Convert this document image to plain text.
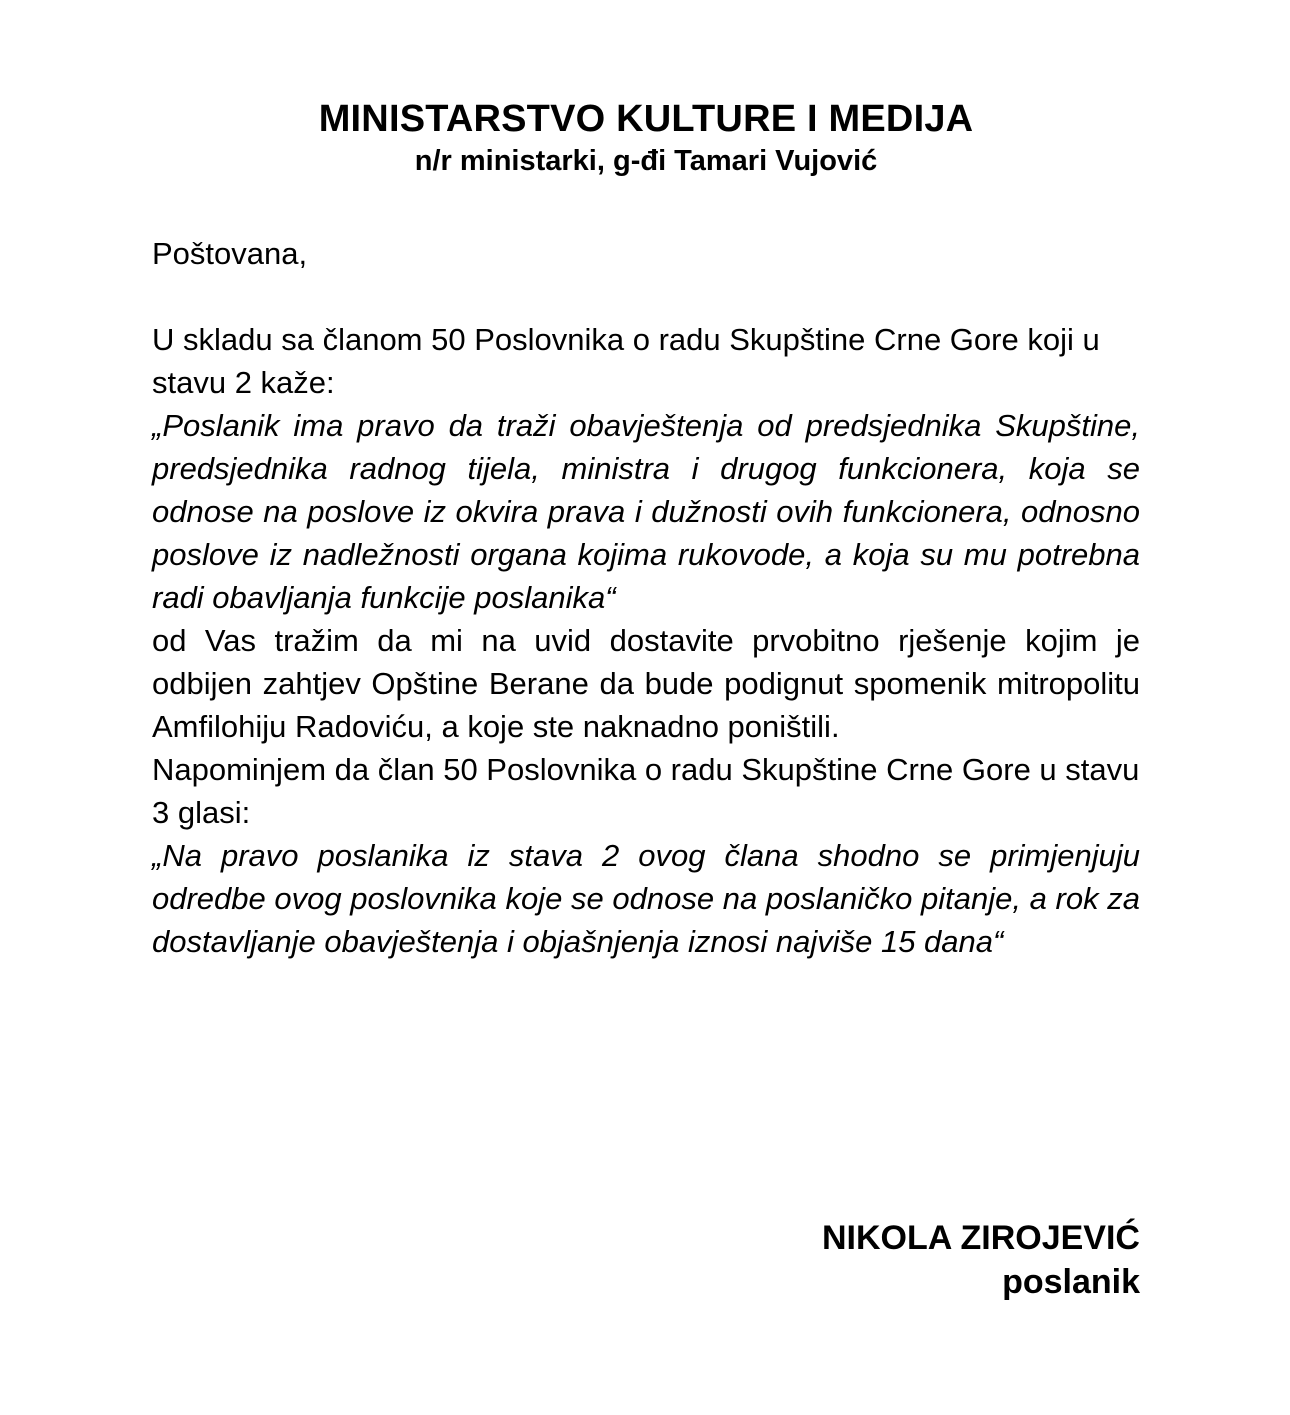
MINISTARSTVO KULTURE I MEDIJA
n/r ministarki, g-đi Tamari Vujović

Poštovana,

U skladu sa članom 50 Poslovnika o radu Skupštine Crne Gore koji u stavu 2 kaže:

„Poslanik ima pravo da traži obavještenja od predsjednika Skupštine, predsjednika radnog tijela, ministra i drugog funkcionera, koja se odnose na poslove iz okvira prava i dužnosti ovih funkcionera, odnosno poslove iz nadležnosti organa kojima rukovode, a koja su mu potrebna radi obavljanja funkcije poslanika“

od Vas tražim da mi na uvid dostavite prvobitno rješenje kojim je odbijen zahtjev Opštine Berane da bude podignut spomenik mitropolitu Amfilohiju Radoviću, a koje ste naknadno poništili.

Napominjem da član 50 Poslovnika o radu Skupštine Crne Gore u stavu 3 glasi:

„Na pravo poslanika iz stava 2 ovog člana shodno se primjenjuju odredbe ovog poslovnika koje se odnose na poslaničko pitanje, a rok za dostavljanje obavještenja i objašnjenja iznosi najviše 15 dana“

NIKOLA ZIROJEVIĆ
poslanik
